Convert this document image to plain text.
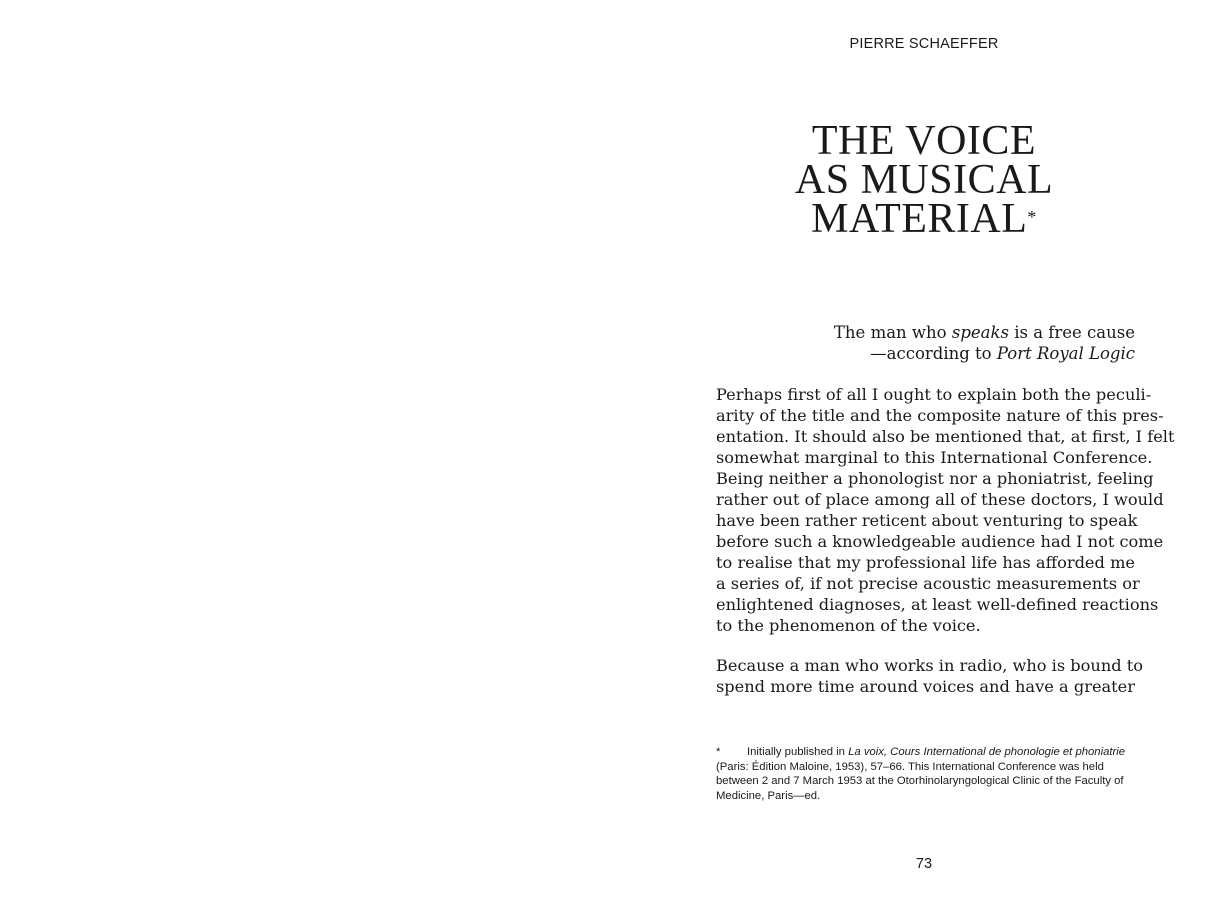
PIERRE SCHAEFFER
THE VOICE
AS MUSICAL
MATERIAL*
The man who speaks is a free cause
—according to Port Royal Logic
Perhaps first of all I ought to explain both the peculi-
arity of the title and the composite nature of this pres-
entation. It should also be mentioned that, at first, I felt
somewhat marginal to this International Conference.
Being neither a phonologist nor a phoniatrist, feeling
rather out of place among all of these doctors, I would
have been rather reticent about venturing to speak
before such a knowledgeable audience had I not come
to realise that my professional life has afforded me
a series of, if not precise acoustic measurements or
enlightened diagnoses, at least well-defined reactions
to the phenomenon of the voice.
Because a man who works in radio, who is bound to
spend more time around voices and have a greater
* Initially published in La voix, Cours International de phonologie et phoniatrie
(Paris: Édition Maloine, 1953), 57–66. This International Conference was held
between 2 and 7 March 1953 at the Otorhinolaryngological Clinic of the Faculty of
Medicine, Paris—ed.
73
